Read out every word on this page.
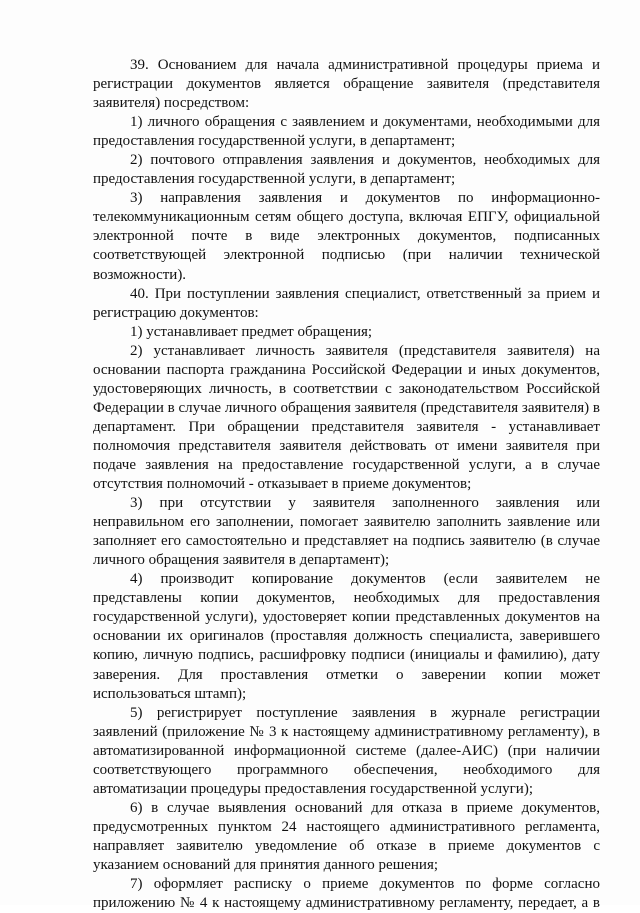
39. Основанием для начала административной процедуры приема и регистрации документов является обращение заявителя (представителя заявителя) посредством:

1) личного обращения с заявлением и документами, необходимыми для предоставления государственной услуги, в департамент;

2) почтового отправления заявления и документов, необходимых для предоставления государственной услуги, в департамент;

3) направления заявления и документов по информационно-телекоммуникационным сетям общего доступа, включая ЕПГУ, официальной электронной почте в виде электронных документов, подписанных соответствующей электронной подписью (при наличии технической возможности).

40. При поступлении заявления специалист, ответственный за прием и регистрацию документов:

1) устанавливает предмет обращения;

2) устанавливает личность заявителя (представителя заявителя) на основании паспорта гражданина Российской Федерации и иных документов, удостоверяющих личность, в соответствии с законодательством Российской Федерации в случае личного обращения заявителя (представителя заявителя) в департамент. При обращении представителя заявителя - устанавливает полномочия представителя заявителя действовать от имени заявителя при подаче заявления на предоставление государственной услуги, а в случае отсутствия полномочий - отказывает в приеме документов;

3) при отсутствии у заявителя заполненного заявления или неправильном его заполнении, помогает заявителю заполнить заявление или заполняет его самостоятельно и представляет на подпись заявителю (в случае личного обращения заявителя в департамент);

4) производит копирование документов (если заявителем не представлены копии документов, необходимых для предоставления государственной услуги), удостоверяет копии представленных документов на основании их оригиналов (проставляя должность специалиста, заверившего копию, личную подпись, расшифровку подписи (инициалы и фамилию), дату заверения. Для проставления отметки о заверении копии может использоваться штамп);

5) регистрирует поступление заявления в журнале регистрации заявлений (приложение № 3 к настоящему административному регламенту), в автоматизированной информационной системе (далее-АИС) (при наличии соответствующего программного обеспечения, необходимого для автоматизации процедуры предоставления государственной услуги);

6) в случае выявления оснований для отказа в приеме документов, предусмотренных пунктом 24 настоящего административного регламента, направляет заявителю уведомление об отказе в приеме документов с указанием оснований для принятия данного решения;

7) оформляет расписку о приеме документов по форме согласно приложению № 4 к настоящему административному регламенту, передает, а в
